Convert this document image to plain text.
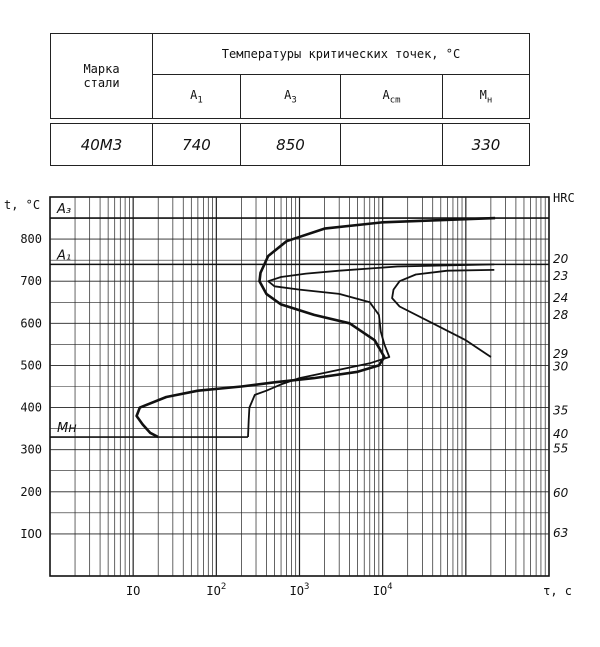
Марка
стали	Температуры критических точек, °C			
	$A_1$	$A_3$	$A_{cm}$	$M_н$

40М3	740	850		330
IOO
200
300
400
500
600
700
800
t, °C
IO	$IO^2$	$IO^3$	$IO^4$	τ, c
HRC
A₃
A₁
Mн
20
23
24
28
29
30
35
40
55
60
63
